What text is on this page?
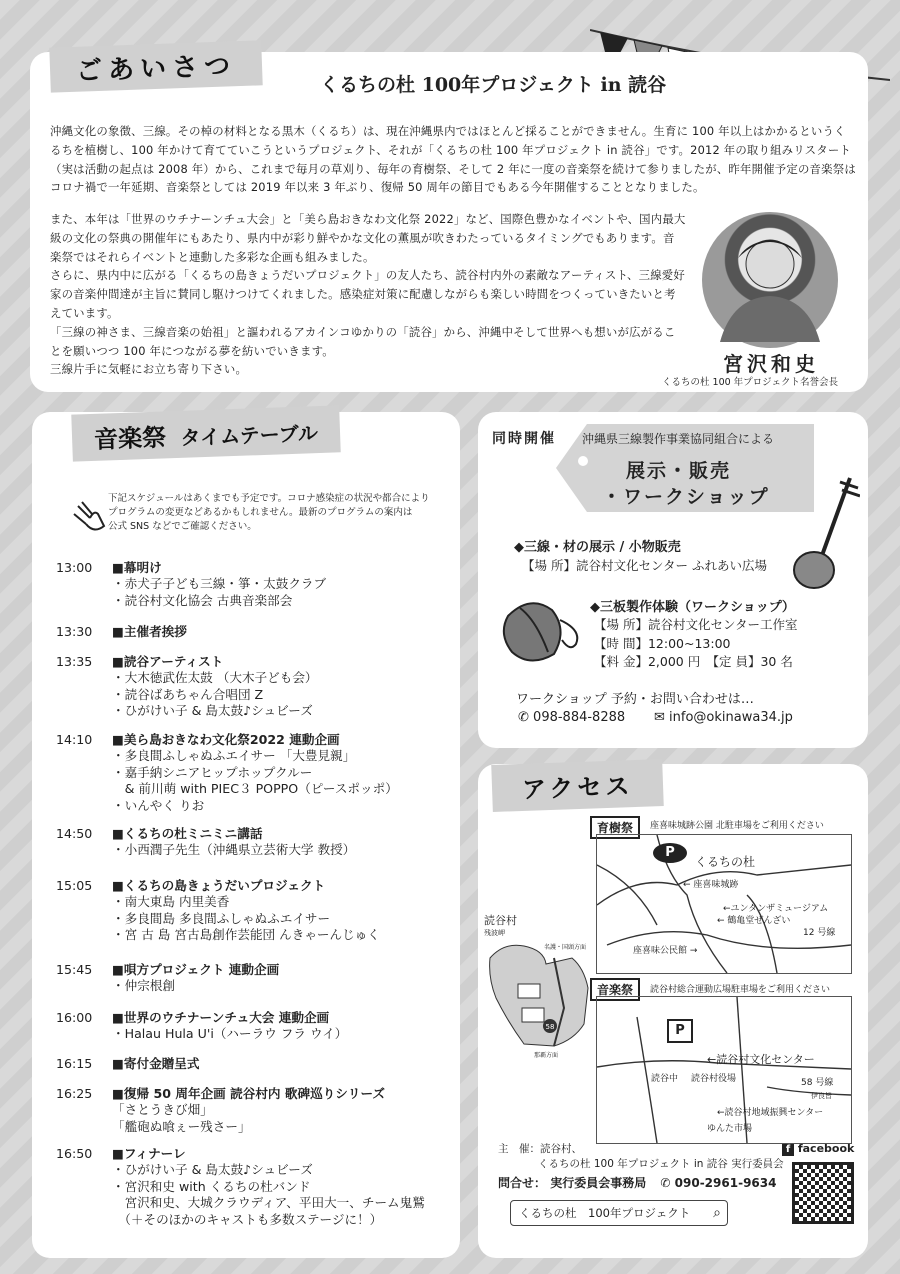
ごあいさつ	くるちの杜 100年プロジェクト in 読谷

沖縄文化の象徴、三線。その棹の材料となる黒木（くるち）は、現在沖縄県内ではほとんど採ることができません。生育に 100 年以上はかかるというくるちを植樹し、100 年かけて育てていこうというプロジェクト、それが「くるちの杜 100 年プロジェクト in 読谷」です。2012 年の取り組みリスタート（実は活動の起点は 2008 年）から、これまで毎月の草刈り、毎年の育樹祭、そして 2 年に一度の音楽祭を続けて参りましたが、昨年開催予定の音楽祭はコロナ禍で一年延期、音楽祭としては 2019 年以来 3 年ぶり、復帰 50 周年の節目でもある今年開催することとなりました。

また、本年は「世界のウチナーンチュ大会」と「美ら島おきなわ文化祭 2022」など、国際色豊かなイベントや、国内最大級の文化の祭典の開催年にもあたり、県内中が彩り鮮やかな文化の薫風が吹きわたっているタイミングでもあります。音楽祭ではそれらイベントと連動した多彩な企画も組みました。

さらに、県内中に広がる「くるちの島きょうだいプロジェクト」の友人たち、読谷村内外の素敵なアーティスト、三線愛好家の音楽仲間達が主旨に賛同し駆けつけてくれました。感染症対策に配慮しながらも楽しい時間をつくっていきたいと考えています。

「三線の神さま、三線音楽の始祖」と謳われるアカインコゆかりの「読谷」から、沖縄中そして世界へも想いが広がることを願いつつ 100 年につながる夢を紡いでいきます。

三線片手に気軽にお立ち寄り下さい。	宮沢和史
くるちの杜 100 年プロジェクト名誉会長
音楽祭 タイムテーブル
下記スケジュールはあくまでも予定です。コロナ感染症の状況や都合により
プログラムの変更などあるかもしれません。最新のプログラムの案内は
公式 SNS などでご確認ください。
13:00	■幕明け
・赤犬子子ども三線・箏・太鼓クラブ
・読谷村文化協会 古典音楽部会
13:30	■主催者挨拶
13:35	■読谷アーティスト
・大木徳武佐太鼓 （大木子ども会）
・読谷ばあちゃん合唱団 Z
・ひがけい子 & 島太鼓♪シュビーズ
14:10	■美ら島おきなわ文化祭2022 連動企画
・多良間ふしゃぬふエイサー 「大豊見親」
・嘉手納シニアヒップホップクルー
　& 前川萌 with PIEC３ POPPO（ピースポッポ）
・いんやく りお
14:50	■くるちの杜ミニミニ講話
・小西潤子先生（沖縄県立芸術大学 教授）
15:05	■くるちの島きょうだいプロジェクト
・南大東島 内里美香
・多良間島 多良間ふしゃぬふエイサー
・宮 古 島 宮古島創作芸能団 んきゃーんじゅく
15:45	■唄方プロジェクト 連動企画
・仲宗根創
16:00	■世界のウチナーンチュ大会 連動企画
・Halau Hula U'i（ハーラウ フラ ウイ）
16:15	■寄付金贈呈式
16:25	■復帰 50 周年企画 読谷村内 歌碑巡りシリーズ
「さとうきび畑」
「艦砲ぬ喰ぇー残さー」
16:50	■フィナーレ
・ひがけい子 & 島太鼓♪シュビーズ
・宮沢和史 with くるちの杜バンド
　宮沢和史、大城クラウディア、平田大一、チーム鬼鷲
　（＋そのほかのキャストも多数ステージに！）
同時開催 沖縄県三線製作事業協同組合による
展示・販売
・ワークショップ
◆三線・材の展示 / 小物販売
【場 所】読谷村文化センター ふれあい広場
◆三板製作体験（ワークショップ）
【場 所】読谷村文化センター工作室
【時 間】12:00~13:00
【料 金】2,000 円　【定 員】30 名
ワークショップ 予約・お問い合わせは…
✆ 098-884-8288 ✉ info@okinawa34.jp
アクセス
育樹祭	座喜味城跡公園 北駐車場をご利用ください
P
くるちの杜
← 座喜味城跡
←ユンタンザミュージアム
← 鶴亀堂ぜんざい
座喜味公民館 →
12 号線
読谷村
58
残波岬
名護・国頭方面
那覇方面
音楽祭	読谷村総合運動広場駐車場をご利用ください
P
←読谷村文化センター
読谷中 読谷村役場	58 号線
伊良皆
←読谷村地域振興センター
ゆんた市場
主　催：読谷村、
くるちの杜 100 年プロジェクト in 読谷 実行委員会
問合せ： 実行委員会事務局 ✆ 090-2961-9634
くるちの杜　100年プロジェクト ⌕
f facebook
